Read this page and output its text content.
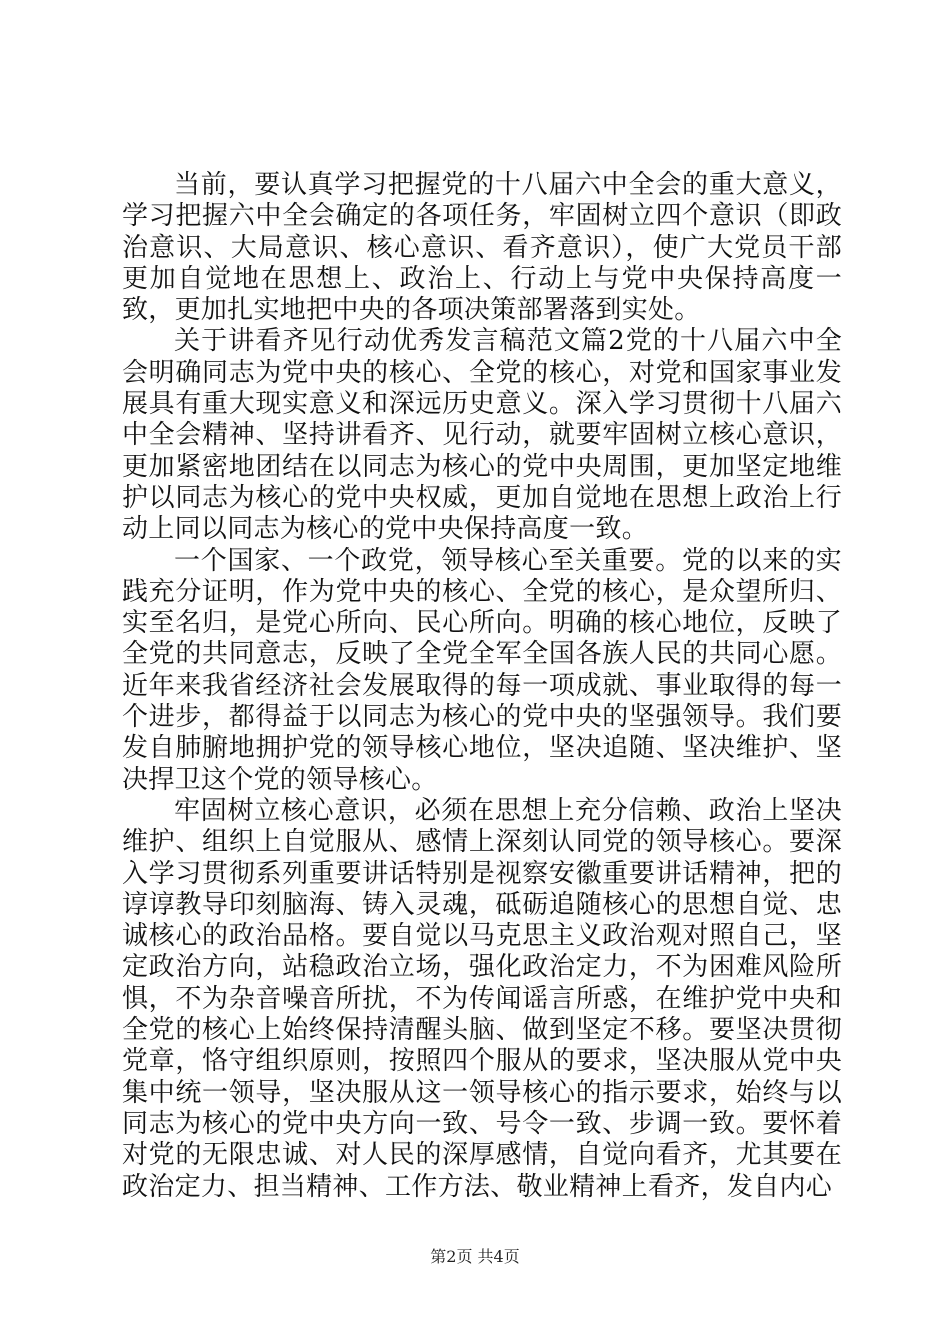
当前，要认真学习把握党的十八届六中全会的重大意义，学习把握六中全会确定的各项任务，牢固树立四个意识（即政治意识、大局意识、核心意识、看齐意识），使广大党员干部更加自觉地在思想上、政治上、行动上与党中央保持高度一致，更加扎实地把中央的各项决策部署落到实处。

关于讲看齐见行动优秀发言稿范文篇2党的十八届六中全会明确同志为党中央的核心、全党的核心，对党和国家事业发展具有重大现实意义和深远历史意义。深入学习贯彻十八届六中全会精神、坚持讲看齐、见行动，就要牢固树立核心意识，更加紧密地团结在以同志为核心的党中央周围，更加坚定地维护以同志为核心的党中央权威，更加自觉地在思想上政治上行动上同以同志为核心的党中央保持高度一致。

一个国家、一个政党，领导核心至关重要。党的以来的实践充分证明，作为党中央的核心、全党的核心，是众望所归、实至名归，是党心所向、民心所向。明确的核心地位，反映了全党的共同意志，反映了全党全军全国各族人民的共同心愿。近年来我省经济社会发展取得的每一项成就、事业取得的每一个进步，都得益于以同志为核心的党中央的坚强领导。我们要发自肺腑地拥护党的领导核心地位，坚决追随、坚决维护、坚决捍卫这个党的领导核心。

牢固树立核心意识，必须在思想上充分信赖、政治上坚决维护、组织上自觉服从、感情上深刻认同党的领导核心。要深入学习贯彻系列重要讲话特别是视察安徽重要讲话精神，把的谆谆教导印刻脑海、铸入灵魂，砥砺追随核心的思想自觉、忠诚核心的政治品格。要自觉以马克思主义政治观对照自己，坚定政治方向，站稳政治立场，强化政治定力，不为困难风险所惧，不为杂音噪音所扰，不为传闻谣言所惑，在维护党中央和全党的核心上始终保持清醒头脑、做到坚定不移。要坚决贯彻党章，恪守组织原则，按照四个服从的要求，坚决服从党中央集中统一领导，坚决服从这一领导核心的指示要求，始终与以同志为核心的党中央方向一致、号令一致、步调一致。要怀着对党的无限忠诚、对人民的深厚感情，自觉向看齐，尤其要在政治定力、担当精神、工作方法、敬业精神上看齐，发自内心

第2页 共4页
